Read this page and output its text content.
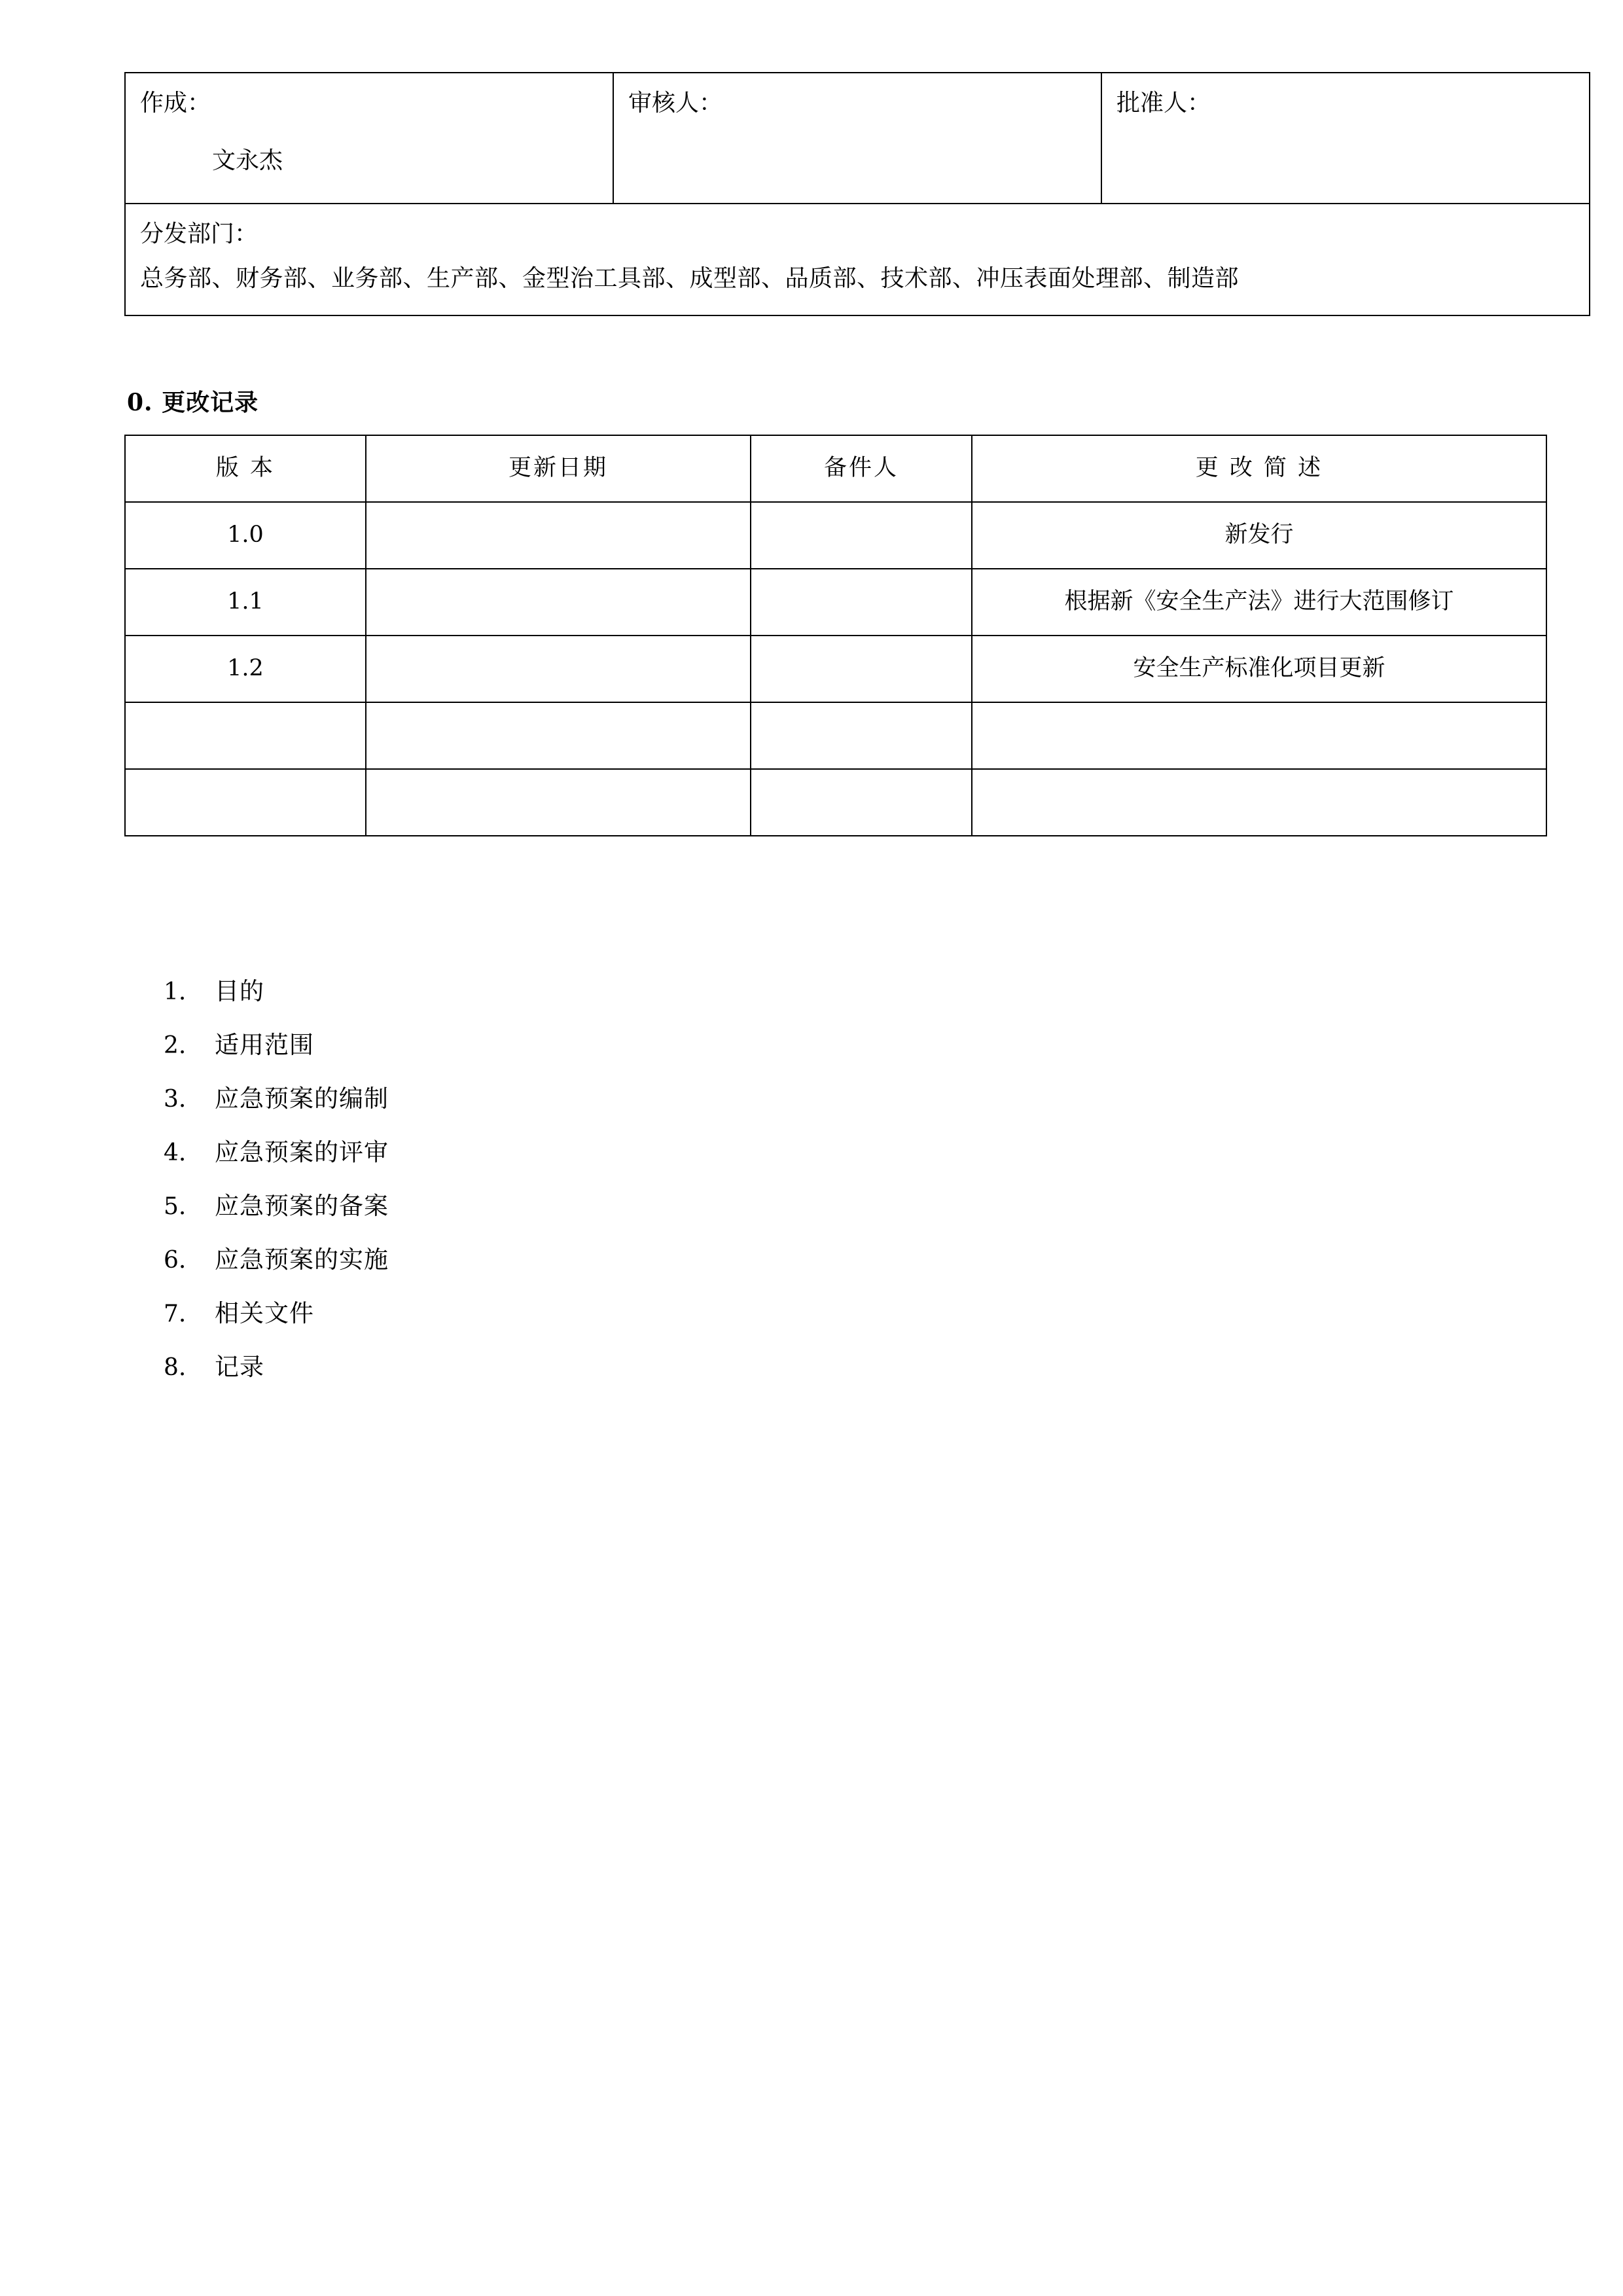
作成：
文永杰

审核人：	批准人：

分发部门：
总务部、财务部、业务部、生产部、金型治工具部、成型部、品质部、技术部、冲压表面处理部、制造部
0. 更改记录
版 本	更新日期	备件人	更 改 简 述
1.0			新发行
1.1			根据新《安全生产法》进行大范围修订
1.2			安全生产标准化项目更新

1.	目的
2.	适用范围
3.	应急预案的编制
4.	应急预案的评审
5.	应急预案的备案
6.	应急预案的实施
7.	相关文件
8.	记录
